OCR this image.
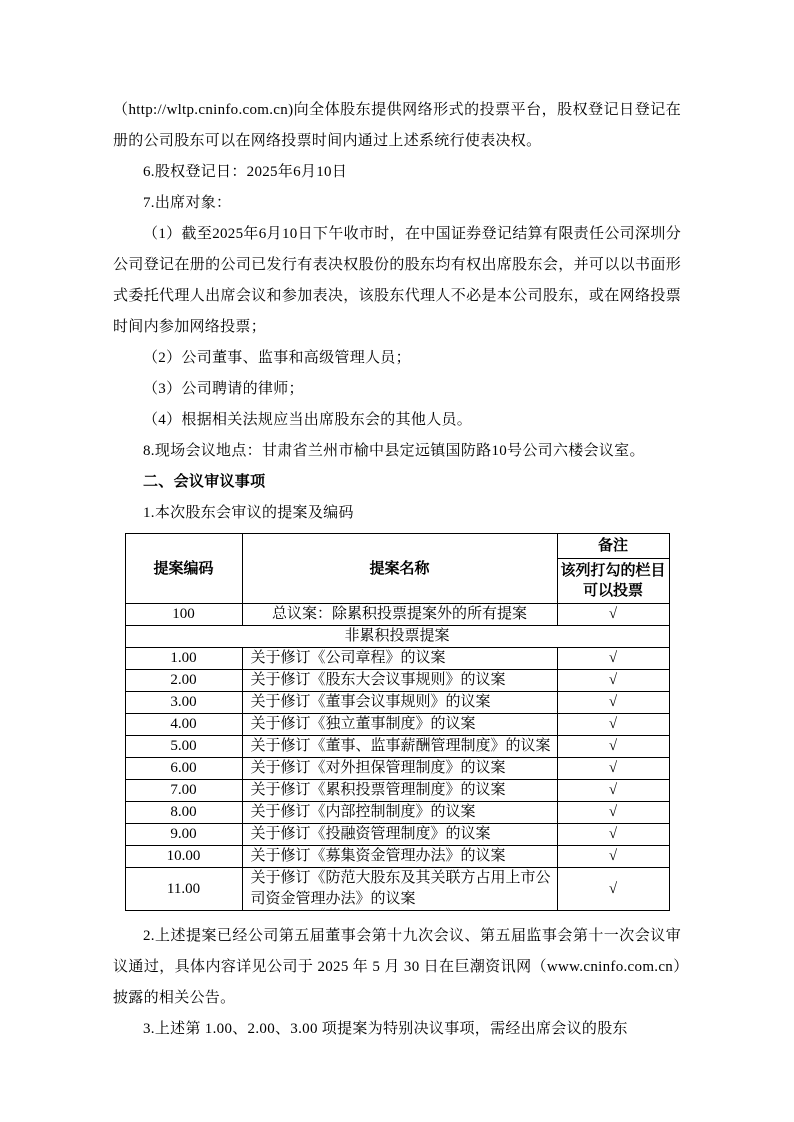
（http://wltp.cninfo.com.cn)向全体股东提供网络形式的投票平台，股权登记日登记在册的公司股东可以在网络投票时间内通过上述系统行使表决权。

6.股权登记日：2025年6月10日

7.出席对象：

（1）截至2025年6月10日下午收市时，在中国证券登记结算有限责任公司深圳分公司登记在册的公司已发行有表决权股份的股东均有权出席股东会，并可以以书面形式委托代理人出席会议和参加表决，该股东代理人不必是本公司股东，或在网络投票时间内参加网络投票；

（2）公司董事、监事和高级管理人员；

（3）公司聘请的律师；

（4）根据相关法规应当出席股东会的其他人员。

8.现场会议地点：甘肃省兰州市榆中县定远镇国防路10号公司六楼会议室。

二、会议审议事项

1.本次股东会审议的提案及编码

提案编码	提案名称	备注
		该列打勾的栏目可以投票
100	总议案：除累积投票提案外的所有提案	√
非累积投票提案		
1.00	关于修订《公司章程》的议案	√
2.00	关于修订《股东大会议事规则》的议案	√
3.00	关于修订《董事会议事规则》的议案	√
4.00	关于修订《独立董事制度》的议案	√
5.00	关于修订《董事、监事薪酬管理制度》的议案	√
6.00	关于修订《对外担保管理制度》的议案	√
7.00	关于修订《累积投票管理制度》的议案	√
8.00	关于修订《内部控制制度》的议案	√
9.00	关于修订《投融资管理制度》的议案	√
10.00	关于修订《募集资金管理办法》的议案	√
11.00	关于修订《防范大股东及其关联方占用上市公司资金管理办法》的议案	√

2.上述提案已经公司第五届董事会第十九次会议、第五届监事会第十一次会议审议通过，具体内容详见公司于 2025 年 5 月 30 日在巨潮资讯网（www.cninfo.com.cn）披露的相关公告。

3.上述第 1.00、2.00、3.00 项提案为特别决议事项，需经出席会议的股东
